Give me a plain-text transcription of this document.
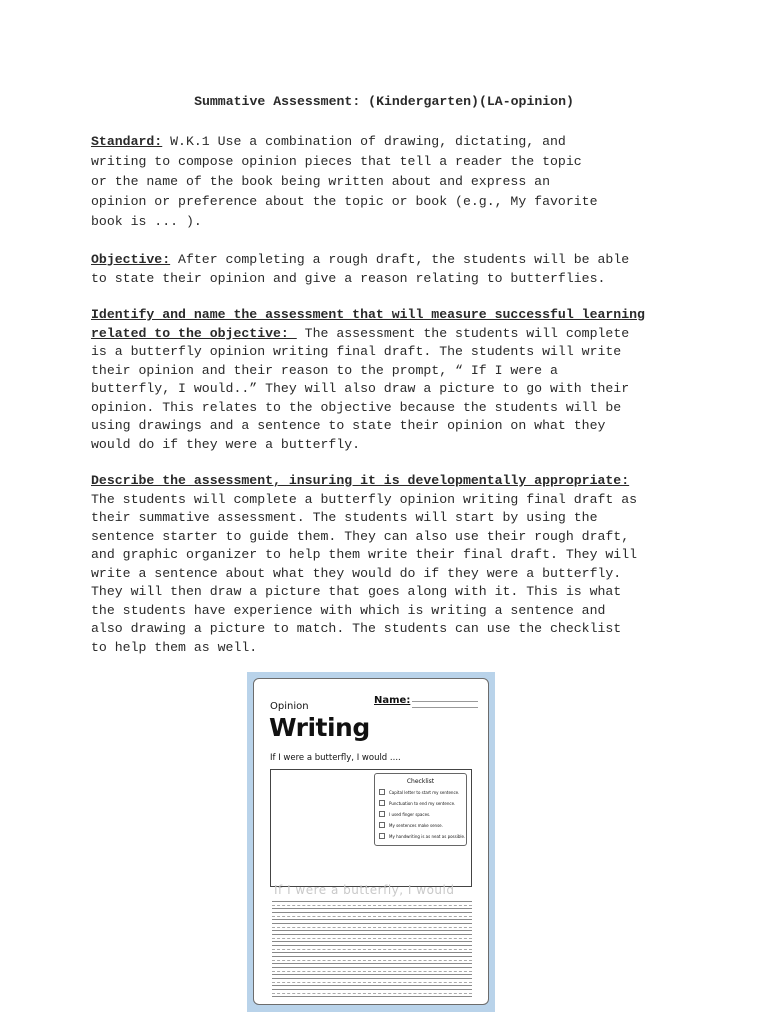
Summative Assessment: (Kindergarten)(LA-opinion)
Standard: W.K.1 Use a combination of drawing, dictating, and
writing to compose opinion pieces that tell a reader the topic
or the name of the book being written about and express an
opinion or preference about the topic or book (e.g., My favorite
book is ... ).
Objective: After completing a rough draft, the students will be able
to state their opinion and give a reason relating to butterflies.
Identify and name the assessment that will measure successful learning
related to the objective:  The assessment the students will complete
is a butterfly opinion writing final draft. The students will write
their opinion and their reason to the prompt, “ If I were a
butterfly, I would..” They will also draw a picture to go with their
opinion. This relates to the objective because the students will be
using drawings and a sentence to state their opinion on what they
would do if they were a butterfly.
Describe the assessment, insuring it is developmentally appropriate:
The students will complete a butterfly opinion writing final draft as
their summative assessment. The students will start by using the
sentence starter to guide them. They can also use their rough draft,
and graphic organizer to help them write their final draft. They will
write a sentence about what they would do if they were a butterfly.
They will then draw a picture that goes along with it. This is what
the students have experience with which is writing a sentence and
also drawing a picture to match. The students can use the checklist
to help them as well.
Opinion
Writing
Name:
If I were a butterfly, I would ....
Checklist
Capital letter to start my sentence.
Punctuation to end my sentence.
I used finger spaces.
My sentences make sense.
My handwriting is as neat as possible.
If I were a butterfly, I would
